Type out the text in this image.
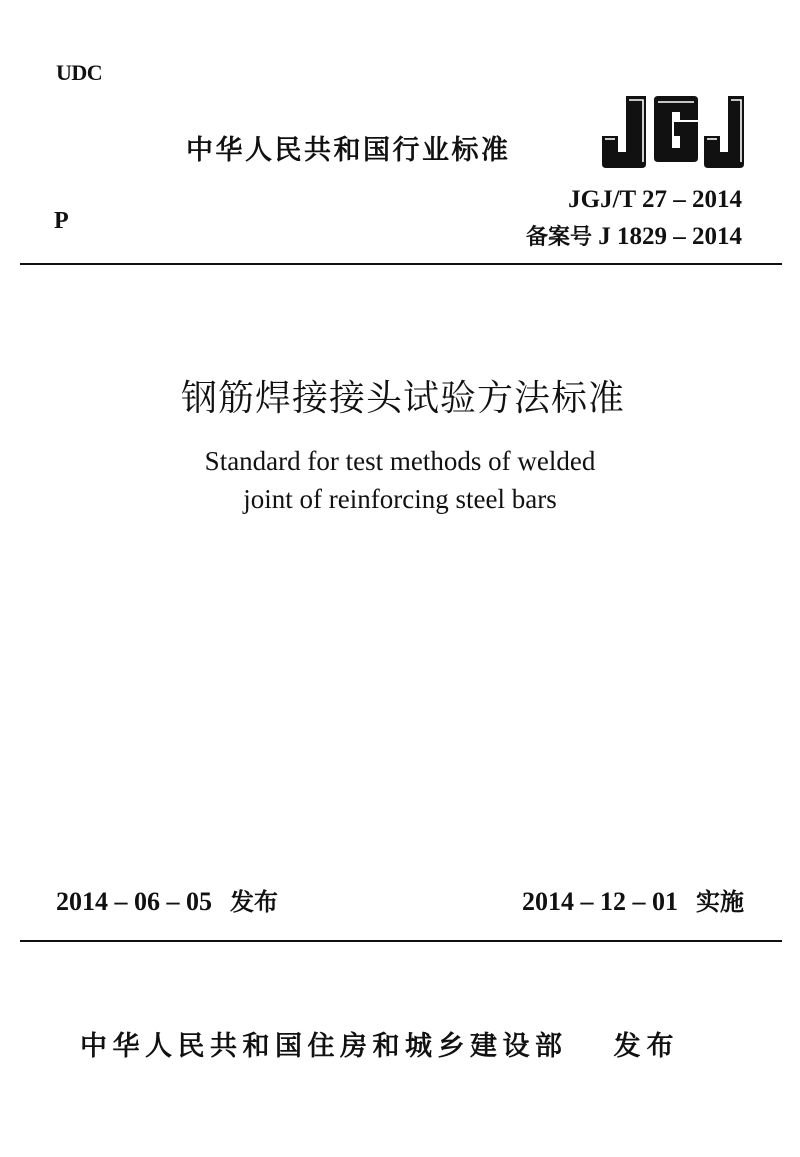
UDC
中华人民共和国行业标准
JGJ/T 27 – 2014
P
备案号 J 1829 – 2014
钢筋焊接接头试验方法标准
Standard for test methods of welded
joint of reinforcing steel bars
2014 – 06 – 05 发布	2014 – 12 – 01 实施
中华人民共和国住房和城乡建设部 发布
